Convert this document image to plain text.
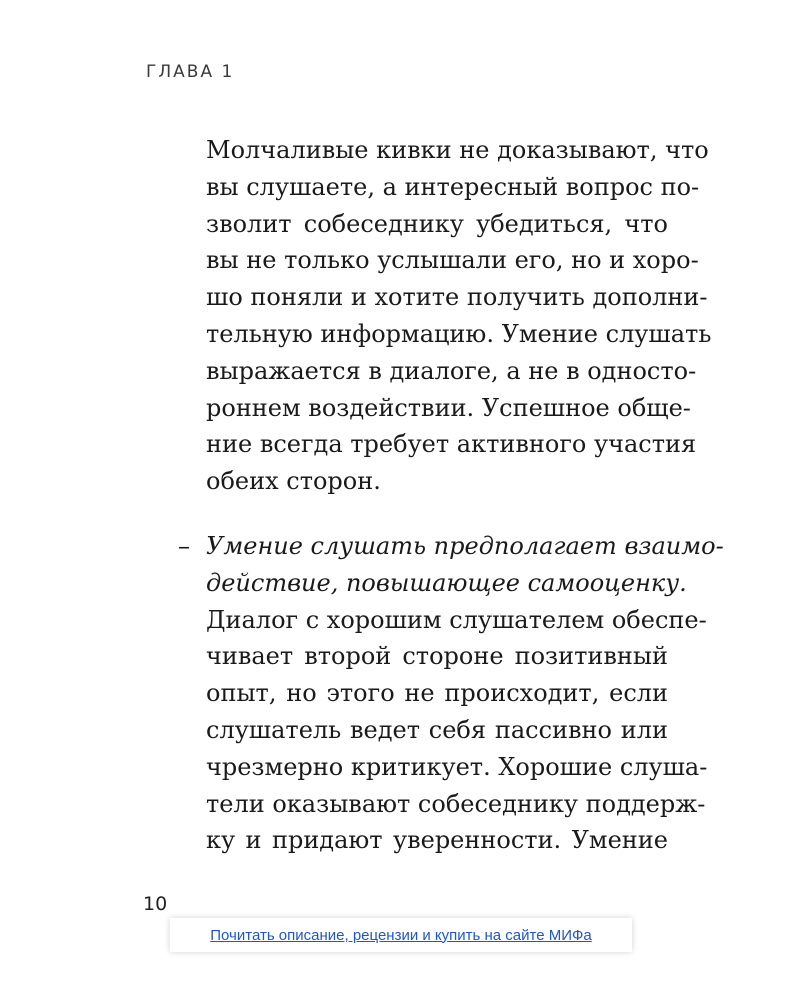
ГЛАВА 1
Молчаливые кивки не доказывают, что
вы слушаете, а интересный вопрос по-
зволит собеседнику убедиться, что
вы не только услышали его, но и хоро-
шо поняли и хотите получить дополни-
тельную информацию. Умение слушать
выражается в диалоге, а не в односто-
роннем воздействии. Успешное обще-
ние всегда требует активного участия
обеих сторон.
– Умение слушать предполагает взаимо-
действие, повышающее самооценку.
Диалог с хорошим слушателем обеспе-
чивает второй стороне позитивный
опыт, но этого не происходит, если
слушатель ведет себя пассивно или
чрезмерно критикует. Хорошие слуша-
тели оказывают собеседнику поддерж-
ку и придают уверенности. Умение
10
Почитать описание, рецензии и купить на сайте МИФа
